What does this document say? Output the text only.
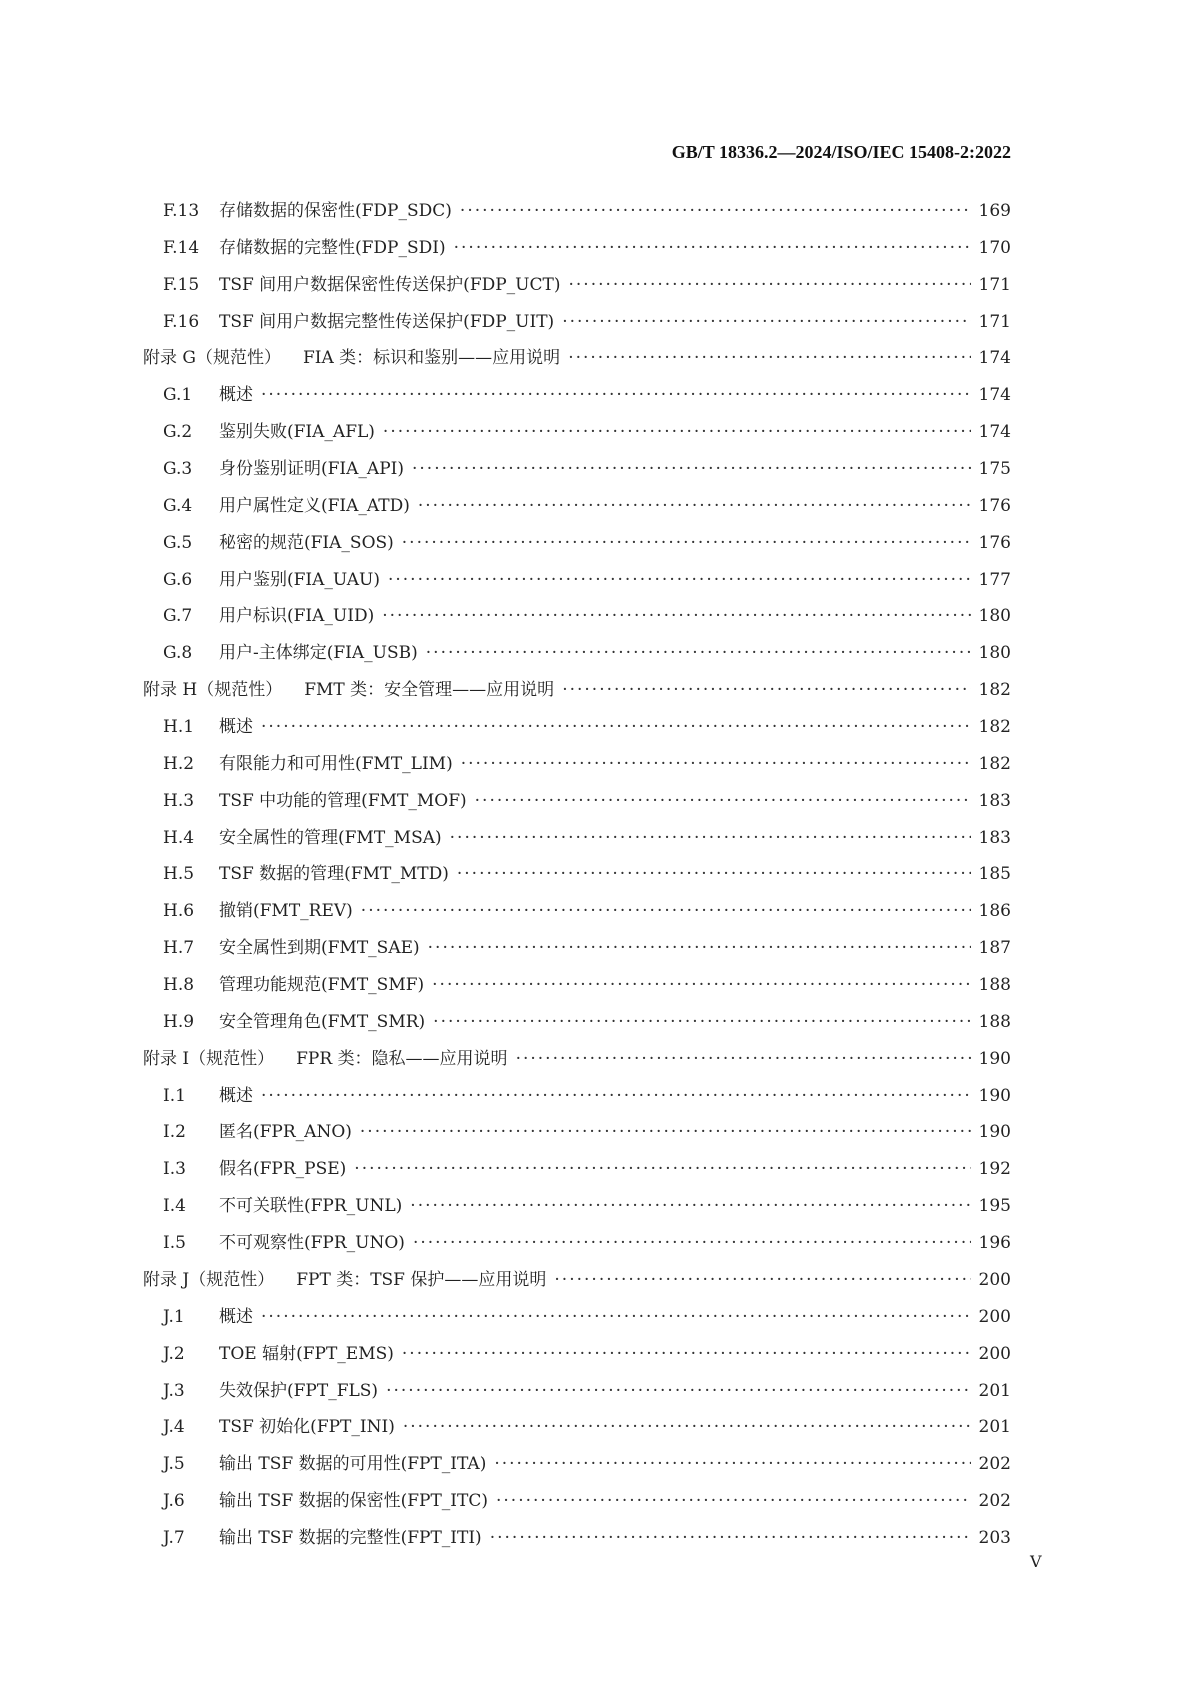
GB/T 18336.2—2024/ISO/IEC 15408-2:2022
F.13	存储数据的保密性(FDP_SDC) ·····	169
F.14	存储数据的完整性(FDP_SDI) ·····	170
F.15	TSF 间用户数据保密性传送保护(FDP_UCT) ·····	171
F.16	TSF 间用户数据完整性传送保护(FDP_UIT) ·····	171
附录 G（规范性） FIA 类：标识和鉴别——应用说明 ·····	174
G.1	概述 ·····	174
G.2	鉴别失败(FIA_AFL) ·····	174
G.3	身份鉴别证明(FIA_API) ·····	175
G.4	用户属性定义(FIA_ATD) ·····	176
G.5	秘密的规范(FIA_SOS) ·····	176
G.6	用户鉴别(FIA_UAU) ·····	177
G.7	用户标识(FIA_UID) ·····	180
G.8	用户-主体绑定(FIA_USB) ·····	180
附录 H（规范性） FMT 类：安全管理——应用说明 ·····	182
H.1	概述 ·····	182
H.2	有限能力和可用性(FMT_LIM) ·····	182
H.3	TSF 中功能的管理(FMT_MOF) ·····	183
H.4	安全属性的管理(FMT_MSA) ·····	183
H.5	TSF 数据的管理(FMT_MTD) ·····	185
H.6	撤销(FMT_REV) ·····	186
H.7	安全属性到期(FMT_SAE) ·····	187
H.8	管理功能规范(FMT_SMF) ·····	188
H.9	安全管理角色(FMT_SMR) ·····	188
附录 I（规范性） FPR 类：隐私——应用说明 ·····	190
I.1	概述 ·····	190
I.2	匿名(FPR_ANO) ·····	190
I.3	假名(FPR_PSE) ·····	192
I.4	不可关联性(FPR_UNL) ·····	195
I.5	不可观察性(FPR_UNO) ·····	196
附录 J（规范性） FPT 类：TSF 保护——应用说明 ·····	200
J.1	概述 ·····	200
J.2	TOE 辐射(FPT_EMS) ·····	200
J.3	失效保护(FPT_FLS) ·····	201
J.4	TSF 初始化(FPT_INI) ·····	201
J.5	输出 TSF 数据的可用性(FPT_ITA) ·····	202
J.6	输出 TSF 数据的保密性(FPT_ITC) ·····	202
J.7	输出 TSF 数据的完整性(FPT_ITI) ·····	203
V
